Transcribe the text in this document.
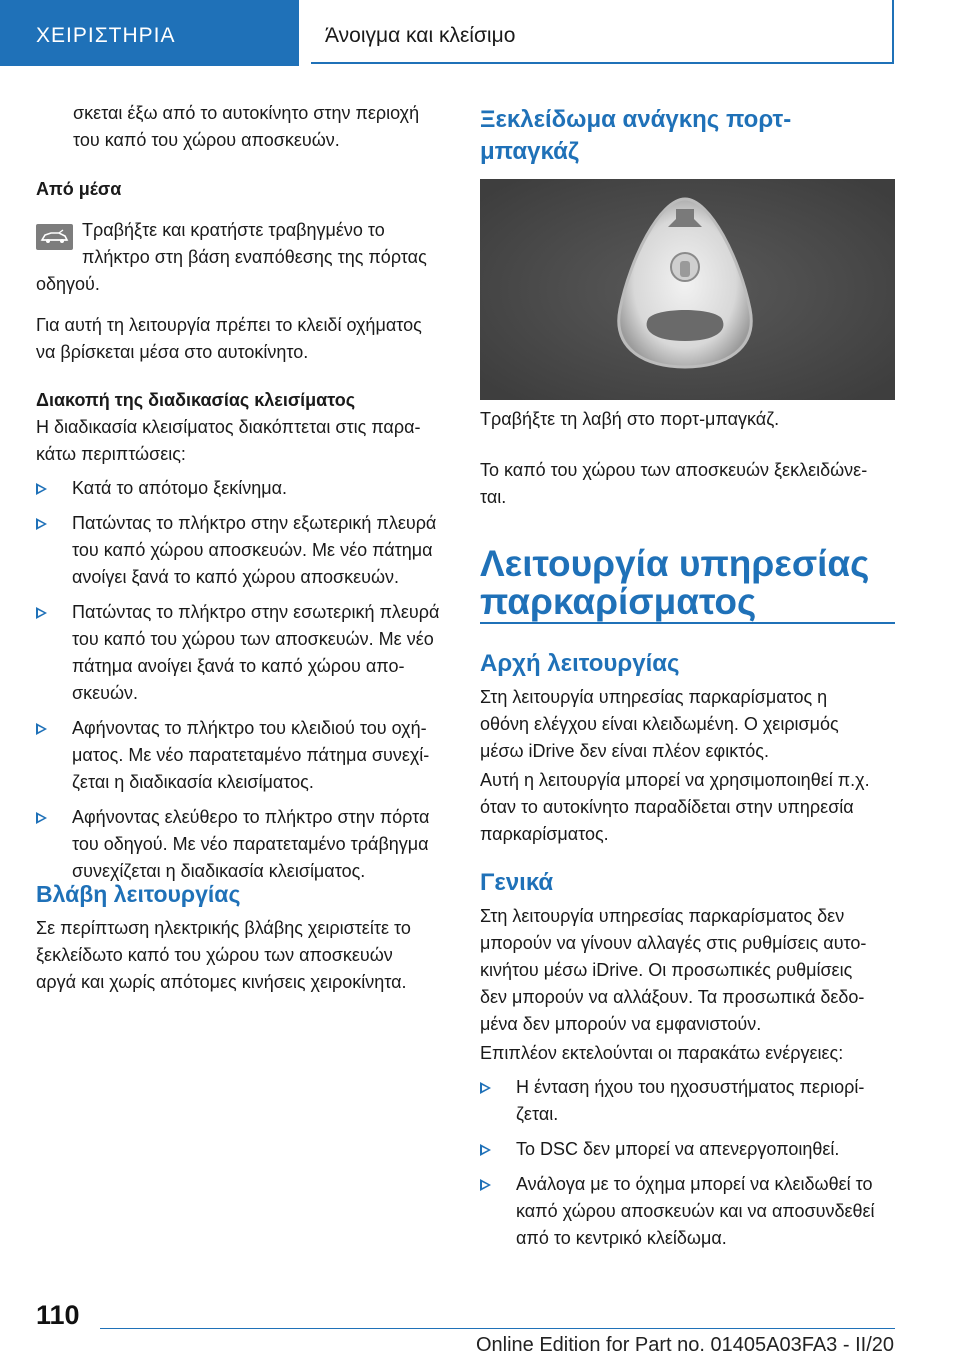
ΧΕΙΡΙΣΤΗΡΙΑ	Άνοιγμα και κλείσιμο

σκεται έξω από το αυτοκίνητο στην περιοχή

του καπό του χώρου αποσκευών.

Από μέσα

Τραβήξτε και κρατήστε τραβηγμένο το

πλήκτρο στη βάση εναπόθεσης της πόρτας

οδηγού.

Για αυτή τη λειτουργία πρέπει το κλειδί οχήματος

να βρίσκεται μέσα στο αυτοκίνητο.

Διακοπή της διαδικασίας κλεισίματος

Η διαδικασία κλεισίματος διακόπτεται στις παρα-

κάτω περιπτώσεις:

Κατά το απότομο ξεκίνημα.
Πατώντας το πλήκτρο στην εξωτερική πλευρά
του καπό χώρου αποσκευών. Με νέο πάτημα
ανοίγει ξανά το καπό χώρου αποσκευών.
Πατώντας το πλήκτρο στην εσωτερική πλευρά
του καπό του χώρου των αποσκευών. Με νέο
πάτημα ανοίγει ξανά το καπό χώρου απο-
σκευών.
Αφήνοντας το πλήκτρο του κλειδιού του οχή-
ματος. Με νέο παρατεταμένο πάτημα συνεχί-
ζεται η διαδικασία κλεισίματος.
Αφήνοντας ελεύθερο το πλήκτρο στην πόρτα
του οδηγού. Με νέο παρατεταμένο τράβηγμα
συνεχίζεται η διαδικασία κλεισίματος.

Βλάβη λειτουργίας

Σε περίπτωση ηλεκτρικής βλάβης χειριστείτε το

ξεκλείδωτο καπό του χώρου των αποσκευών

αργά και χωρίς απότομες κινήσεις χειροκίνητα.

Ξεκλείδωμα ανάγκης πορτ-

μπαγκάζ

Τραβήξτε τη λαβή στο πορτ-μπαγκάζ.

Το καπό του χώρου των αποσκευών ξεκλειδώνε-

ται.

Λειτουργία υπηρεσίας

παρκαρίσματος

Αρχή λειτουργίας

Στη λειτουργία υπηρεσίας παρκαρίσματος η

οθόνη ελέγχου είναι κλειδωμένη. Ο χειρισμός

μέσω iDrive δεν είναι πλέον εφικτός.

Αυτή η λειτουργία μπορεί να χρησιμοποιηθεί π.χ.

όταν το αυτοκίνητο παραδίδεται στην υπηρεσία

παρκαρίσματος.

Γενικά

Στη λειτουργία υπηρεσίας παρκαρίσματος δεν

μπορούν να γίνουν αλλαγές στις ρυθμίσεις αυτο-

κινήτου μέσω iDrive. Οι προσωπικές ρυθμίσεις

δεν μπορούν να αλλάξουν. Τα προσωπικά δεδο-

μένα δεν μπορούν να εμφανιστούν.

Επιπλέον εκτελούνται οι παρακάτω ενέργειες:

Η ένταση ήχου του ηχοσυστήματος περιορί-
ζεται.
Το DSC δεν μπορεί να απενεργοποιηθεί.
Ανάλογα με το όχημα μπορεί να κλειδωθεί το
καπό χώρου αποσκευών και να αποσυνδεθεί
από το κεντρικό κλείδωμα.
110
Online Edition for Part no. 01405A03FA3 - II/20
